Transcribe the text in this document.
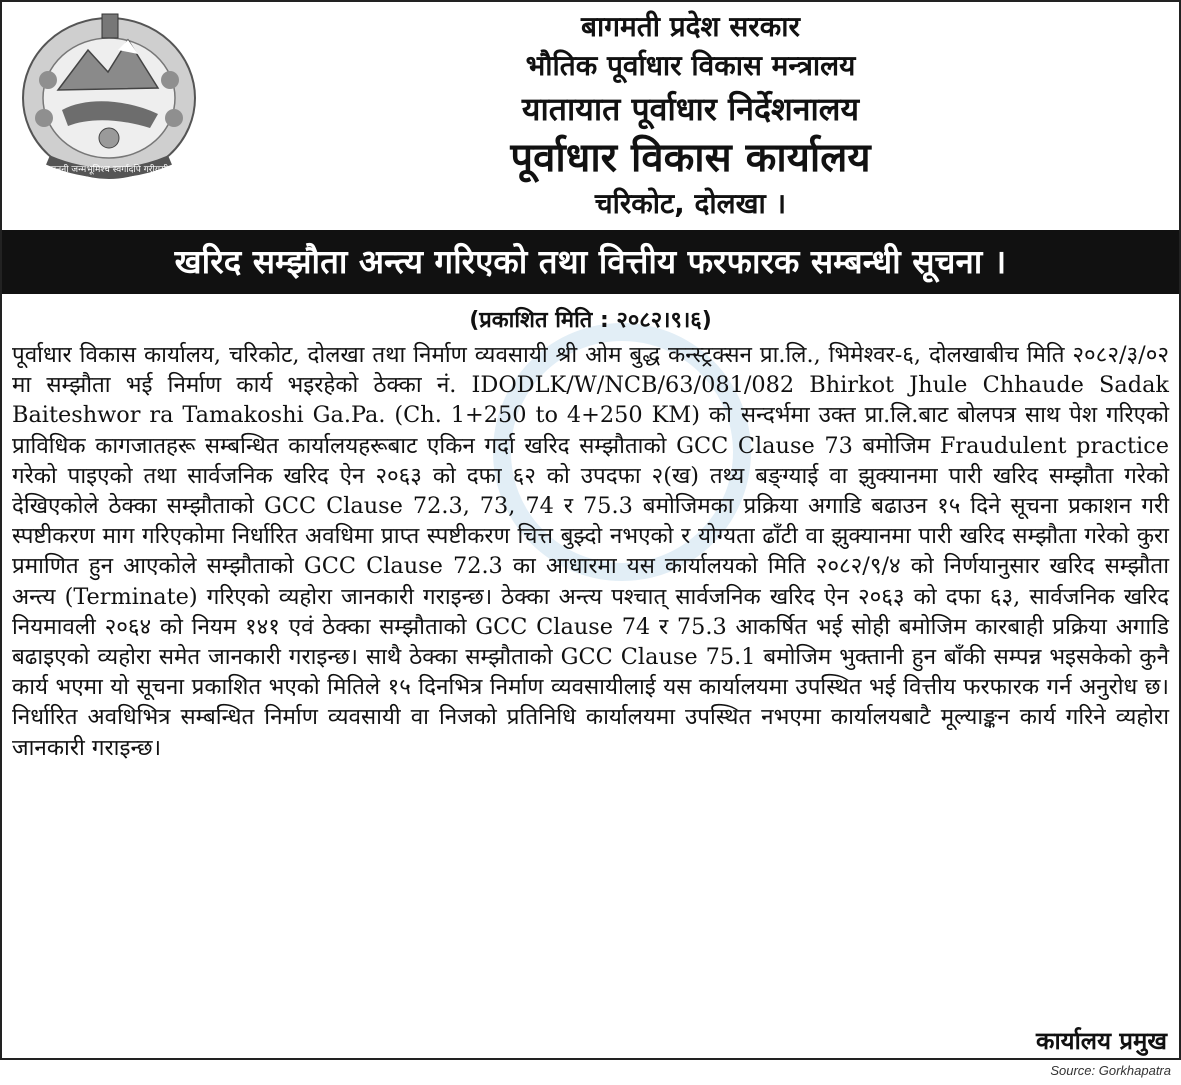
जननी जन्मभूमिश्च स्वर्गादपि गरीयसी
बागमती प्रदेश सरकार
भौतिक पूर्वाधार विकास मन्त्रालय
यातायात पूर्वाधार निर्देशनालय
पूर्वाधार विकास कार्यालय
चरिकोट, दोलखा ।
खरिद सम्झौता अन्त्य गरिएको तथा वित्तीय फरफारक सम्बन्धी सूचना ।
(प्रकाशित मिति : २०८२।९।६)
पूर्वाधार विकास कार्यालय, चरिकोट, दोलखा तथा निर्माण व्यवसायी श्री ओम बुद्ध कन्स्ट्रक्सन प्रा.लि., भिमेश्वर-६, दोलखाबीच मिति २०८२/३/०२ मा सम्झौता भई निर्माण कार्य भइरहेको ठेक्का नं. IDODLK/W/NCB/63/081/082 Bhirkot Jhule Chhaude Sadak Baiteshwor ra Tamakoshi Ga.Pa. (Ch. 1+250 to 4+250 KM) को सन्दर्भमा उक्त प्रा.लि.बाट बोलपत्र साथ पेश गरिएको प्राविधिक कागजातहरू सम्बन्धित कार्यालयहरूबाट एकिन गर्दा खरिद सम्झौताको GCC Clause 73 बमोजिम Fraudulent practice गरेको पाइएको तथा सार्वजनिक खरिद ऐन २०६३ को दफा ६२ को उपदफा २(ख) तथ्य बङ्ग्याई वा झुक्यानमा पारी खरिद सम्झौता गरेको देखिएकोले ठेक्का सम्झौताको GCC Clause 72.3, 73, 74 र 75.3 बमोजिमका प्रक्रिया अगाडि बढाउन १५ दिने सूचना प्रकाशन गरी स्पष्टीकरण माग गरिएकोमा निर्धारित अवधिमा प्राप्त स्पष्टीकरण चित्त बुझ्दो नभएको र योग्यता ढाँटी वा झुक्यानमा पारी खरिद सम्झौता गरेको कुरा प्रमाणित हुन आएकोले सम्झौताको GCC Clause 72.3 का आधारमा यस कार्यालयको मिति २०८२/९/४ को निर्णयानुसार खरिद सम्झौता अन्त्य (Terminate) गरिएको व्यहोरा जानकारी गराइन्छ। ठेक्का अन्त्य पश्चात् सार्वजनिक खरिद ऐन २०६३ को दफा ६३, सार्वजनिक खरिद नियमावली २०६४ को नियम १४१ एवं ठेक्का सम्झौताको GCC Clause 74 र 75.3 आकर्षित भई सोही बमोजिम कारबाही प्रक्रिया अगाडि बढाइएको व्यहोरा समेत जानकारी गराइन्छ। साथै ठेक्का सम्झौताको GCC Clause 75.1 बमोजिम भुक्तानी हुन बाँकी सम्पन्न भइसकेको कुनै कार्य भएमा यो सूचना प्रकाशित भएको मितिले १५ दिनभित्र निर्माण व्यवसायीलाई यस कार्यालयमा उपस्थित भई वित्तीय फरफारक गर्न अनुरोध छ। निर्धारित अवधिभित्र सम्बन्धित निर्माण व्यवसायी वा निजको प्रतिनिधि कार्यालयमा उपस्थित नभएमा कार्यालयबाटै मूल्याङ्कन कार्य गरिने व्यहोरा जानकारी गराइन्छ।
कार्यालय प्रमुख
Source: Gorkhapatra
